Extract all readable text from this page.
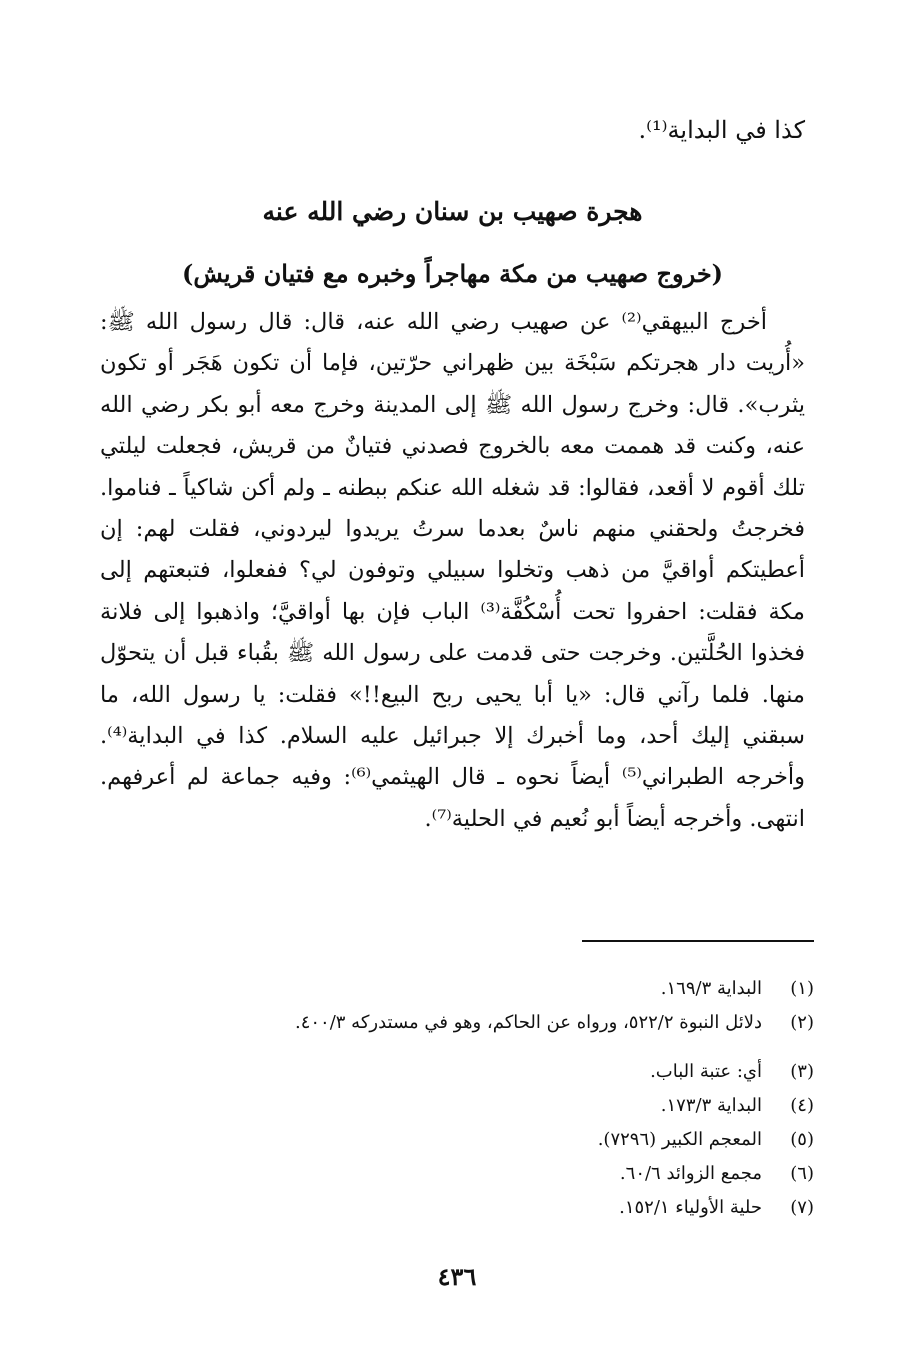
كذا في البداية⁽¹⁾.

هجرة صهيب بن سنان رضي الله عنه
(خروج صهيب من مكة مهاجراً وخبره مع فتيان قريش)

أخرج البيهقي⁽²⁾ عن صهيب رضي الله عنه، قال: قال رسول الله ﷺ: «أُريت دار هجرتكم سَبْخَة بين ظهراني حرّتين، فإما أن تكون هَجَر أو تكون يثرب». قال: وخرج رسول الله ﷺ إلى المدينة وخرج معه أبو بكر رضي الله عنه، وكنت قد هممت معه بالخروج فصدني فتيانٌ من قريش، فجعلت ليلتي تلك أقوم لا أقعد، فقالوا: قد شغله الله عنكم ببطنه ـ ولم أكن شاكياً ـ فناموا. فخرجتُ ولحقني منهم ناسٌ بعدما سرتُ يريدوا ليردوني، فقلت لهم: إن أعطيتكم أواقيَّ من ذهب وتخلوا سبيلي وتوفون لي؟ ففعلوا، فتبعتهم إلى مكة فقلت: احفروا تحت أُسْكُفَّة⁽³⁾ الباب فإن بها أواقيَّ؛ واذهبوا إلى فلانة فخذوا الحُلَّتين. وخرجت حتى قدمت على رسول الله ﷺ بقُباء قبل أن يتحوّل منها. فلما رآني قال: «يا أبا يحيى ربح البيع!!» فقلت: يا رسول الله، ما سبقني إليك أحد، وما أخبرك إلا جبرائيل عليه السلام. كذا في البداية⁽⁴⁾. وأخرجه الطبراني⁽⁵⁾ أيضاً نحوه ـ قال الهيثمي⁽⁶⁾: وفيه جماعة لم أعرفهم. انتهى. وأخرجه أيضاً أبو نُعيم في الحلية⁽⁷⁾.

(١)البداية ١٦٩/٣.
(٢)دلائل النبوة ٥٢٢/٢، ورواه عن الحاكم، وهو في مستدركه ٤٠٠/٣.
(٣)أي: عتبة الباب.
(٤)البداية ١٧٣/٣.
(٥)المعجم الكبير (٧٢٩٦).
(٦)مجمع الزوائد ٦٠/٦.
(٧)حلية الأولياء ١٥٢/١.
٤٣٦
